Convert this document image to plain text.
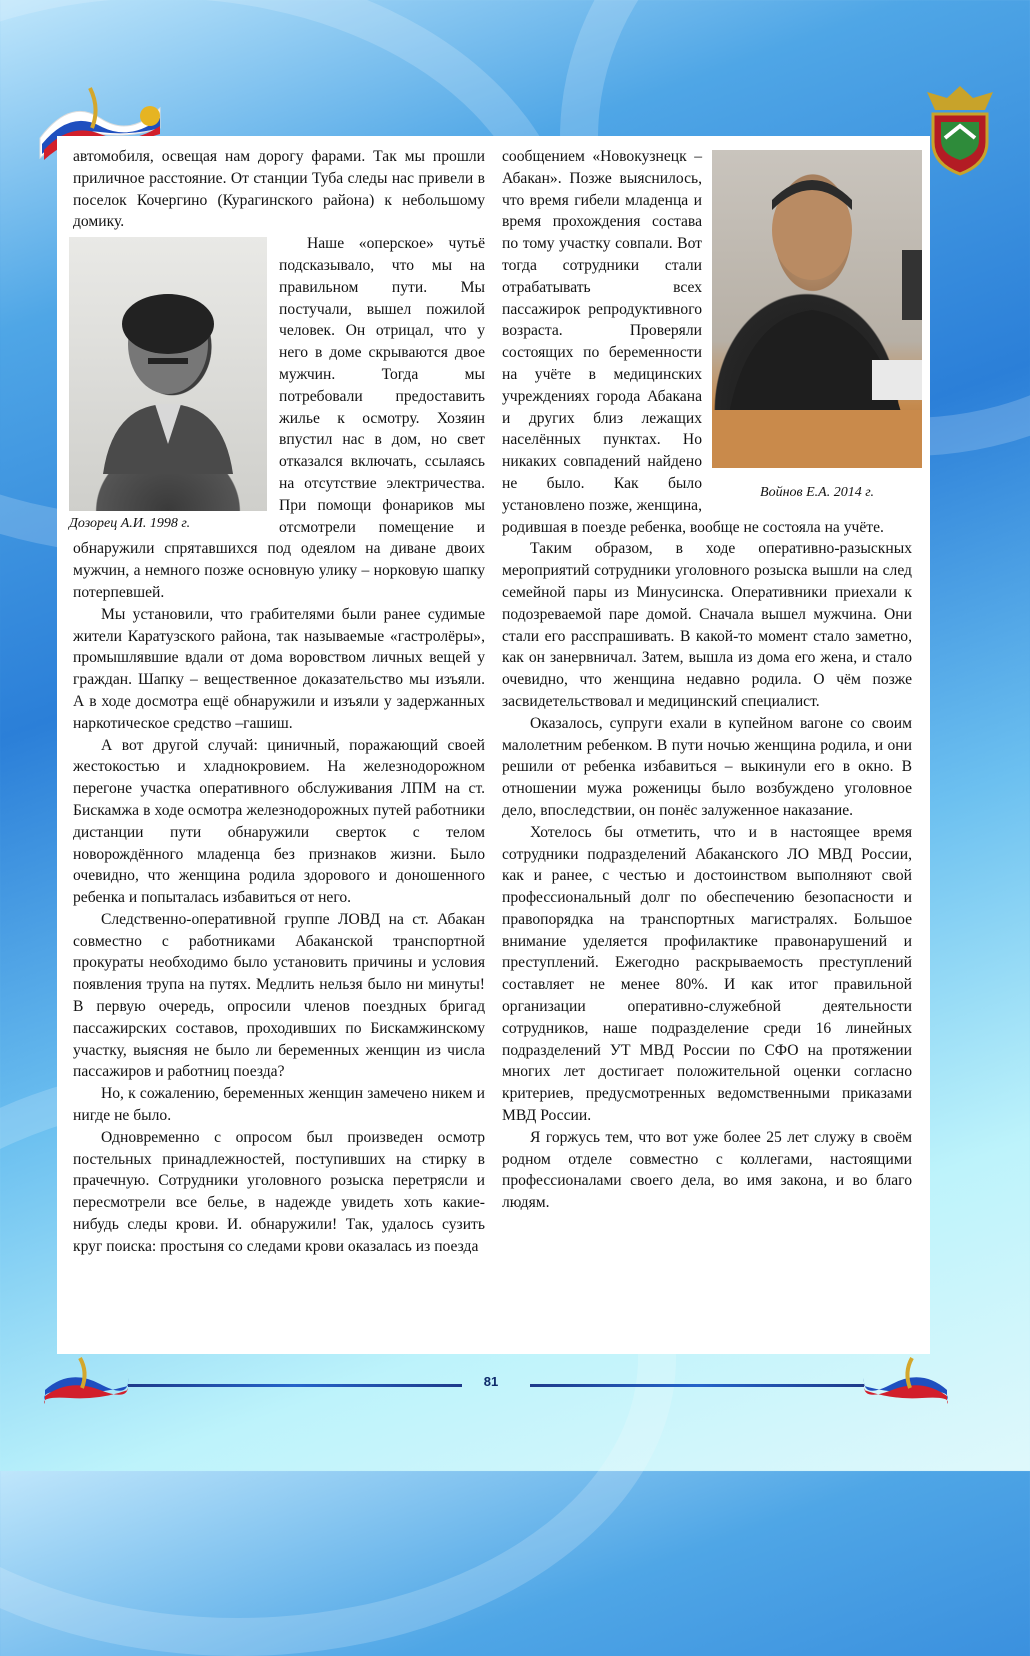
автомобиля, освещая нам дорогу фарами. Так мы прошли приличное расстояние. От станции Туба следы нас привели в поселок Кочергино (Курагинского района) к небольшому домику.

Дозорец А.И. 1998 г.

Наше «оперское» чутьё подсказывало, что мы на правильном пути. Мы постучали, вышел пожилой человек. Он отрицал, что у него в доме скрываются двое мужчин. Тогда мы потребовали предоставить жилье к осмотру. Хозяин впустил нас в дом, но свет отказался включать, ссылаясь на отсутствие электричества. При помощи фонариков мы отсмотрели помещение и обнаружили спрятавшихся под одеялом на диване двоих мужчин, а немного позже основную улику – норковую шапку потерпевшей.

Мы установили, что грабителями были ранее судимые жители Каратузского района, так называемые «гастролёры», промышлявшие вдали от дома воровством личных вещей у граждан. Шапку – вещественное доказательство мы изъяли. А в ходе досмотра ещё обнаружили и изъяли у задержанных наркотическое средство –гашиш.

А вот другой случай: циничный, поражающий своей жестокостью и хладнокровием. На железнодорожном перегоне участка оперативного обслуживания ЛПМ на ст. Бискамжа в ходе осмотра железнодорожных путей работники дистанции пути обнаружили сверток с телом новорождённого младенца без признаков жизни. Было очевидно, что женщина родила здорового и доношенного ребенка и попыталась избавиться от него.

Следственно-оперативной группе ЛОВД на ст. Абакан совместно с работниками Абаканской транспортной прокураты необходимо было установить причины и условия появления трупа на путях. Медлить нельзя было ни минуты! В первую очередь, опросили членов поездных бригад пассажирских составов, проходивших по Бискамжинскому участку, выясняя не было ли беременных женщин из числа пассажиров и работниц поезда?

Но, к сожалению, беременных женщин замечено никем и нигде не было.

Одновременно с опросом был произведен осмотр постельных принадлежностей, поступивших на стирку в прачечную. Сотрудники уголовного розыска перетрясли и пересмотрели все белье, в надежде увидеть хоть какие-нибудь следы крови. И. обнаружили! Так, удалось сузить круг поиска: простыня со следами крови оказалась из поезда

Войнов Е.А. 2014 г.

сообщением «Новокузнецк – Абакан». Позже выяснилось, что время гибели младенца и время прохождения состава по тому участку совпали. Вот тогда сотрудники стали отрабатывать всех пассажирок репродуктивного возраста. Проверяли состоящих по беременности на учёте в медицинских учреждениях города Абакана и других близ лежащих населённых пунктах. Но никаких совпадений найдено не было. Как было установлено позже, женщина, родившая в поезде ребенка, вообще не состояла на учёте.

Таким образом, в ходе оперативно-разыскных мероприятий сотрудники уголовного розыска вышли на след семейной пары из Минусинска. Оперативники приехали к подозреваемой паре домой. Сначала вышел мужчина. Они стали его расспрашивать. В какой-то момент стало заметно, как он занервничал. Затем, вышла из дома его жена, и стало очевидно, что женщина недавно родила. О чём позже засвидетельствовал и медицинский специалист.

Оказалось, супруги ехали в купейном вагоне со своим малолетним ребенком. В пути ночью женщина родила, и они решили от ребенка избавиться – выкинули его в окно. В отношении мужа роженицы было возбуждено уголовное дело, впоследствии, он понёс залуженное наказание.

Хотелось бы отметить, что и в настоящее время сотрудники подразделений Абаканского ЛО МВД России, как и ранее, с честью и достоинством выполняют свой профессиональный долг по обеспечению безопасности и правопорядка на транспортных магистралях. Большое внимание уделяется профилактике правонарушений и преступлений. Ежегодно раскрываемость преступлений составляет не менее 80%. И как итог правильной организации оперативно-служебной деятельности сотрудников, наше подразделение среди 16 линейных подразделений УТ МВД России по СФО на протяжении многих лет достигает положительной оценки согласно критериев, предусмотренных ведомственными приказами МВД России.

Я горжусь тем, что вот уже более 25 лет служу в своём родном отделе совместно с коллегами, настоящими профессионалами своего дела, во имя закона, и во благо людям.

81
